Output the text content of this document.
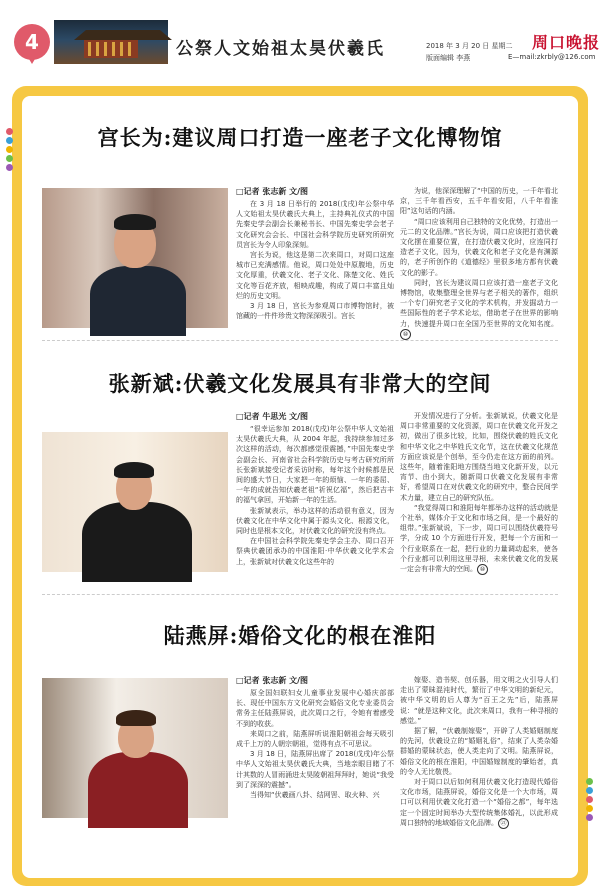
4	公祭人文始祖太昊伏羲氏	2018 年 3 月 20 日 星期二
版面编辑 李燕
周口晚报
E—mail:zkrbly@126.com
宫长为:建议周口打造一座老子文化博物馆
□记者 张志新 文/图

在 3 月 18 日举行的 2018(戊戌)年公祭中华人文始祖太昊伏羲氏大典上，主持典礼仪式的中国先秦史学会副会长兼秘书长、中国先秦史学会老子文化研究会会长、中国社会科学院历史研究所研究员宫长为令人印象深刻。

宫长为说，他这是第二次来周口，对周口这座城市已充满感情。他说，周口处处中原腹地，历史文化厚重，伏羲文化、老子文化、陈楚文化、姓氏文化等百花齐放，相映成趣，构成了周口丰富且灿烂的历史文明。

3 月 18 日，宫长为参观周口市博物馆时，被馆藏的一件件珍贵文物深深吸引。宫长

为说，他深深理解了“中国的历史，一千年看北京，三千年看西安，五千年看安阳，八千年看淮阳”这句话的内涵。

“周口应该利用自己独特的文化优势，打造出一元二的文化品牌。”宫长为说，周口应该把打造伏羲文化摆在重要位置，在打造伏羲文化时，应连同打造老子文化，因为，伏羲文化和老子文化是有渊源的，老子所创作的《道德经》里很多地方都有伏羲文化的影子。

同时，宫长为建议周口应该打造一座老子文化博物馆，收集整理全世界与老子相关的著作，组织一个专门研究老子文化的学术机构，并发掘动力一些国际性的老子学术论坛，借助老子在世界的影响力，快速提升周口在全国乃至世界的文化知名度。⑩

张新斌:伏羲文化发展具有非常大的空间
□记者 牛思光 文/图

“很幸运参加 2018(戊戌)年公祭中华人文始祖太昊伏羲氏大典，从 2004 年起，我持续参加过多次这样的活动，每次都感觉很震撼，”中国先秦史学会副会长、河南省社会科学院历史与考古研究所所长张新斌接受记者采访时称，每年这个时候都是民间的盛大节日，大家把一年的烦恼、一年的委屈、一年的成就告知伏羲老祖“祈祝亿福”，然后把吉丰的福气拿回，开始新一年的生活。

张新斌表示，举办这样的活动很有意义，因为伏羲文化在中华文化中属于源头文化、根源文化，同时也是根本文化，对伏羲文化的研究没有终点。

在中国社会科学院先秦史学会主办、周口召开祭典伏羲团承办的中国淮阳·中华伏羲文化学术会上，张新斌对伏羲文化这些年的

开发情况进行了分析。张新斌说，伏羲文化是周口非常重要的文化资源，周口在伏羲文化开发之初，做出了很多比较，比如，围绕伏羲的姓氏文化和中华文化之中华姓氏文化节，这在伏羲文化规范方面应该说是个创举，至今仍走在这方面的前列。这些年，随着淮阳地方围绕当地文化新开发，以元宵节、由小到大，随新周口伏羲文化发展有非常好，希望周口在对伏羲文化的研究中，整合民间学术力量，建立自己的研究队伍。

“我觉得周口和淮阳每年都举办这样的活动就是个社举，媒体介于文化和市场之间，是一个最好的组带。”张新斌说，下一步，周口可以围绕伏羲符号学，分成 10 个方面进行开发，把每一个方面和一个行业联系在一起，把行业的力量调动起来，使各个行业都可以利用这里寻根，未来伏羲文化的发展一定会有非常大的空间。 ⑩

陆燕屏:婚俗文化的根在淮阳
□记者 张志新 文/图

原全国妇联妇女儿童事业发展中心婚庆部部长、现任中国东方文化研究会婚俗文化专业委员会常务主任陆燕屏说，此次周口之行，令她有着感受不到的收获。

来周口之前，陆燕屏听说淮阳朝祖会每天吸引成千上万的人朝宗朝祖，觉得有点不可思议。

3 月 18 日，陆燕屏出席了 2018(戊戌)年公祭中华人文始祖太昊伏羲氏大典，当地亲眼目睹了不计其数的人冒雨涌进太昊陵朝祖拜拜时，她说“我受到了深深的震撼”。

当得知“伏羲画八卦、结网罟、取火种、兴

嫁娶、造书契、创乐器，用文明之火引导人们走出了蒙昧混沌时代，繁衍了中华文明的新纪元，被中华文明的后人尊为“百王之先”后，陆燕屏说：“就是这种文化，此次来周口，我有一种寻根的感觉。”

据了解，“伏羲制嫁娶”，开辟了人类婚姻制度的先河，伏羲设立的“婚姻礼俗”，结束了人类杂婚群婚的蒙昧状态，使人类走向了文明。陆燕屏说，婚俗文化的根在淮阳，中国婚嫁制度的肇始者，真的令人无比敬畏。

对于周口以后如何利用伏羲文化打造现代婚俗文化市场，陆燕屏说，婚俗文化是一个大市场，周口可以利用伏羲文化打造一个“婚俗之都”，每年选定一个固定时间举办大型传统集体婚礼，以此形成周口独特的地域婚俗文化品牌。 ㉑
